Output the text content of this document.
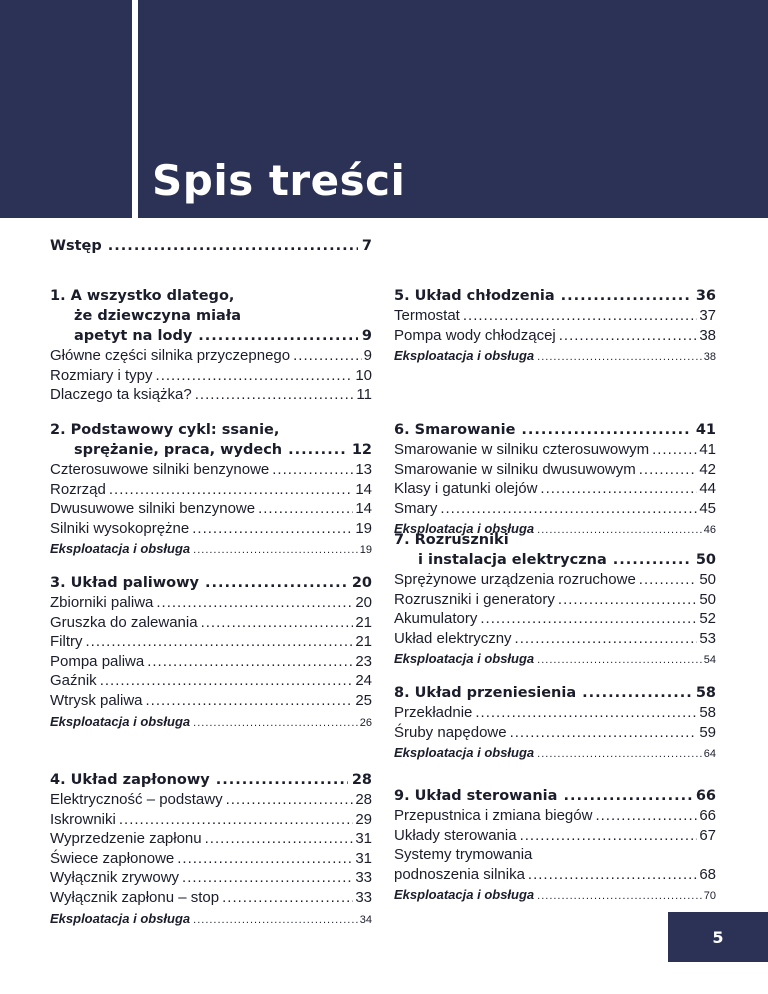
Spis treści
Wstęp .....	7
1. A wszystko dlatego,
że dziewczyna miała
apetyt na lody .....	9
Główne części silnika przyczepnego .....	9
Rozmiary i typy .....	10
Dlaczego ta książka? .....	11
2. Podstawowy cykl: ssanie,
sprężanie, praca, wydech .....	12
Czterosuwowe silniki benzynowe .....	13
Rozrząd .....	14
Dwusuwowe silniki benzynowe .....	14
Silniki wysokoprężne .....	19
Eksploatacja i obsługa .....	19
3. Układ paliwowy .....	20
Zbiorniki paliwa .....	20
Gruszka do zalewania .....	21
Filtry .....	21
Pompa paliwa .....	23
Gaźnik .....	24
Wtrysk paliwa .....	25
Eksploatacja i obsługa .....	26
4. Układ zapłonowy .....	28
Elektryczność – podstawy .....	28
Iskrowniki .....	29
Wyprzedzenie zapłonu .....	31
Świece zapłonowe .....	31
Wyłącznik zrywowy .....	33
Wyłącznik zapłonu – stop .....	33
Eksploatacja i obsługa .....	34
5. Układ chłodzenia .....	36
Termostat .....	37
Pompa wody chłodzącej .....	38
Eksploatacja i obsługa .....	38
6. Smarowanie .....	41
Smarowanie w silniku czterosuwowym .....	41
Smarowanie w silniku dwusuwowym .....	42
Klasy i gatunki olejów .....	44
Smary .....	45
Eksploatacja i obsługa .....	46
7. Rozruszniki
i instalacja elektryczna .....	50
Sprężynowe urządzenia rozruchowe .....	50
Rozruszniki i generatory .....	50
Akumulatory .....	52
Układ elektryczny .....	53
Eksploatacja i obsługa .....	54
8. Układ przeniesienia .....	58
Przekładnie .....	58
Śruby napędowe .....	59
Eksploatacja i obsługa .....	64
9. Układ sterowania .....	66
Przepustnica i zmiana biegów .....	66
Układy sterowania .....	67
Systemy trymowania
podnoszenia silnika .....	68
Eksploatacja i obsługa .....	70
5
